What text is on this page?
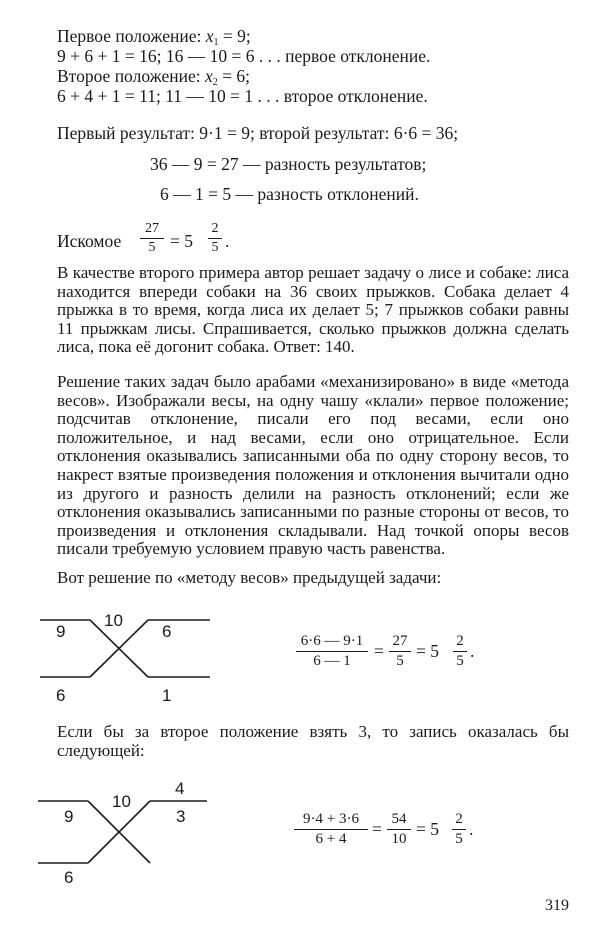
Первое положение: $x_1 = 9$;
9 + 6 + 1 = 16; 16 — 10 = 6 . . . первое отклонение.
Второе положение: $x_2 = 6$;
6 + 4 + 1 = 11; 11 — 10 = 1 . . . второе отклонение.
Первый результат: 9·1 = 9; второй результат: 6·6 = 36;
36 — 9 = 27 — разность результатов;
6 — 1 = 5 — разность отклонений.
Искомое $\frac{27}{5} = 5 \frac{2}{5}$ .
В качестве второго примера автор решает задачу о лисе и собаке: лиса находится впереди собаки на 36 своих прыжков. Собака делает 4 прыжка в то время, когда лиса их делает 5; 7 прыжков собаки равны 11 прыжкам лисы. Спрашивается, сколько прыжков должна сделать лиса, пока её догонит собака. Ответ: 140.
Решение таких задач было арабами «механизировано» в виде «метода весов». Изображали весы, на одну чашу «клали» первое положение; подсчитав отклонение, писали его под весами, если оно положительное, и над весами, если оно отрицательное. Если отклонения оказывались записанными оба по одну сторону весов, то накрест взятые произведения положения и отклонения вычитали одно из другого и разность делили на разность отклонений; если же отклонения оказывались записанными по разные стороны от весов, то произведения и отклонения складывали. Над точкой опоры весов писали требуемую условием правую часть равенства.
Вот решение по «методу весов» предыдущей задачи:
10
9	6
6	1
$\frac{6\cdot 6 — 9\cdot 1}{6 — 1} = \frac{27}{5} = 5 \frac{2}{5}$ .
Если бы за второе положение взять 3, то запись оказалась бы следующей:
4
10
9	3
6
$\frac{9\cdot 4 + 3\cdot 6}{6 + 4} = \frac{54}{10} = 5 \frac{2}{5}$ .
319
